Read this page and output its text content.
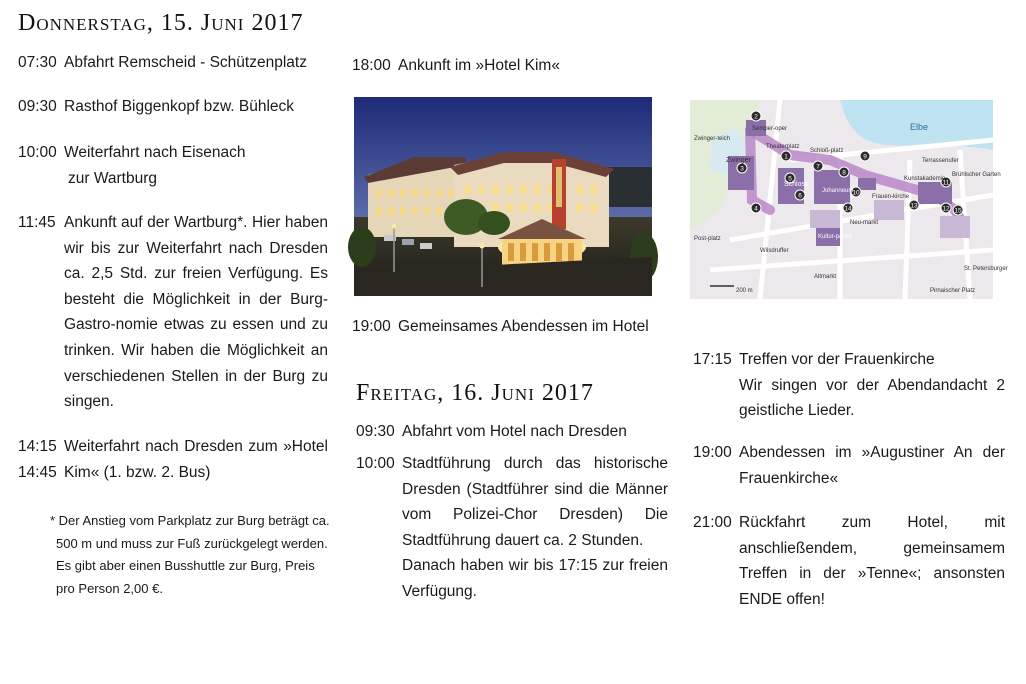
Donnerstag, 15. Juni 2017
07:30 Abfahrt Remscheid - Schützenplatz
09:30 Rasthof Biggenkopf bzw. Bühleck
10:00 Weiterfahrt nach Eisenach
zur Wartburg
11:45 Ankunft auf der Wartburg*. Hier haben wir bis zur Weiterfahrt nach Dresden ca. 2,5 Std. zur freien Verfügung. Es besteht die Möglichkeit in der Burg-Gastro-nomie etwas zu essen und zu trinken. Wir haben die Möglichkeit an verschiedenen Stellen in der Burg zu singen.
14:15
14:45
Weiterfahrt nach Dresden zum »Hotel Kim« (1. bzw. 2. Bus)
* Der Anstieg vom Parkplatz zur Burg beträgt ca. 500 m und muss zur Fuß zurückgelegt werden. Es gibt aber einen Busshuttle zur Burg, Preis pro Person 2,00 €.
18:00 Ankunft im »Hotel Kim«
19:00 Gemeinsames Abendessen im Hotel
Freitag, 16. Juni 2017
09:30 Abfahrt vom Hotel nach Dresden
10:00 Stadtführung durch das historische Dresden (Stadtführer sind die Männer vom Polizei-Chor Dresden) Die Stadtführung dauert ca. 2 Stunden.
Danach haben wir bis 17:15 zur freien Verfügung.
1
2
3
4
5
6
7
8
9
10
11
12
13
14	15
Elbe
Semper-oper
Zwinger
Theaterplatz
Zwinger-teich
Schloß-platz
Terrassenufer
Schloss
Johanneum
Kunstakademie
Brühlscher Garten
Kultur-palast
Wilsdruffer
Altmarkt
200 m	Pirnaischer Platz
Frauen-kirche
St. Petersburger
Post-platz
Neu-markt
17:15 Treffen vor der Frauenkirche
Wir singen vor der Abendandacht 2 geistliche Lieder.
19:00 Abendessen im »Augustiner An der Frauenkirche«
21:00 Rückfahrt zum Hotel, mit anschließendem, gemeinsamem Treffen in der »Tenne«; ansonsten ENDE offen!
